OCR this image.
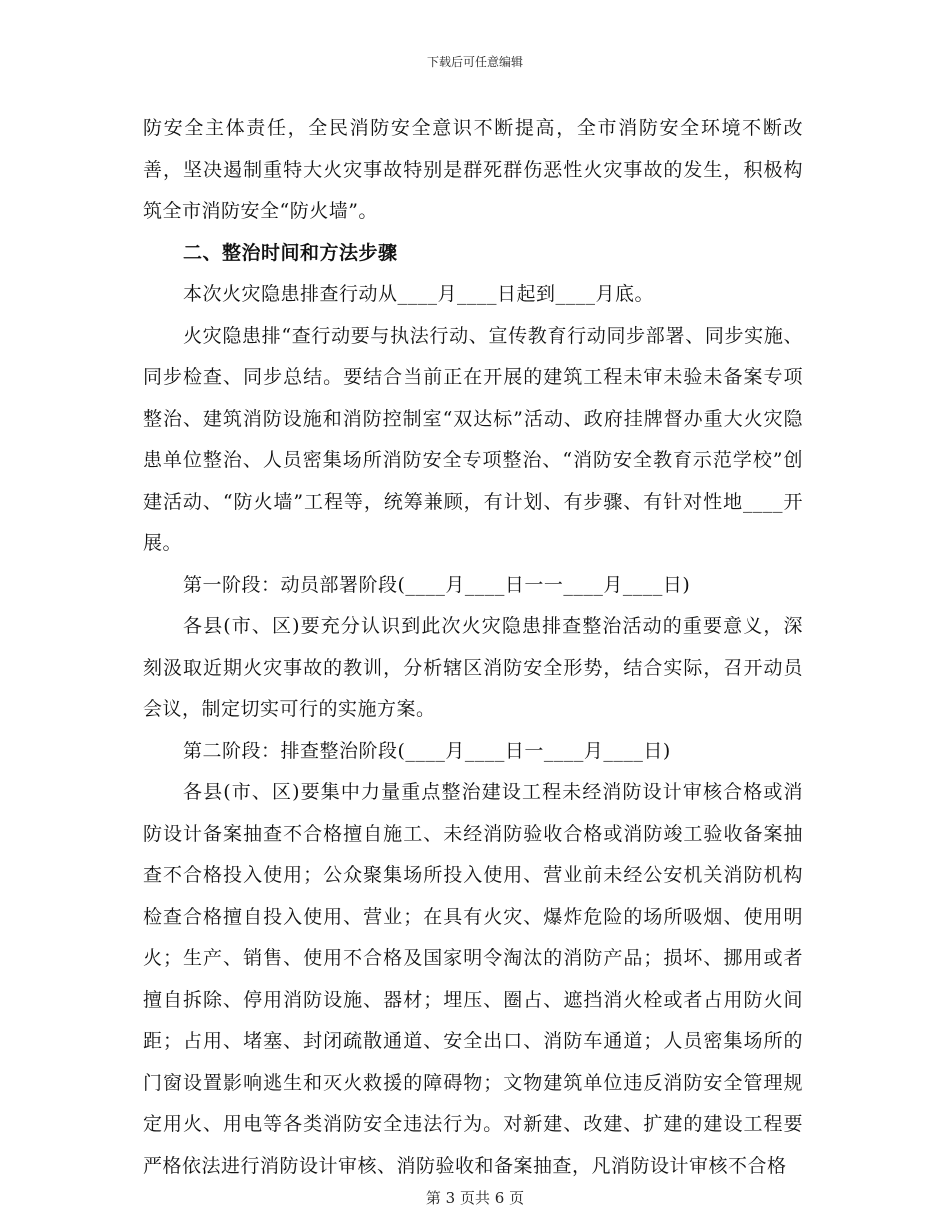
下载后可任意编辑

防安全主体责任，全民消防安全意识不断提高，全市消防安全环境不断改善，坚决遏制重特大火灾事故特别是群死群伤恶性火灾事故的发生，积极构筑全市消防安全“防火墙”。

二、整治时间和方法步骤

本次火灾隐患排查行动从____月____日起到____月底。

火灾隐患排“查行动要与执法行动、宣传教育行动同步部署、同步实施、同步检查、同步总结。要结合当前正在开展的建筑工程未审未验未备案专项整治、建筑消防设施和消防控制室“双达标”活动、政府挂牌督办重大火灾隐患单位整治、人员密集场所消防安全专项整治、“消防安全教育示范学校”创建活动、“防火墙”工程等，统筹兼顾，有计划、有步骤、有针对性地____开展。

第一阶段：动员部署阶段(____月____日一一____月____日)

各县(市、区)要充分认识到此次火灾隐患排查整治活动的重要意义，深刻汲取近期火灾事故的教训，分析辖区消防安全形势，结合实际，召开动员会议，制定切实可行的实施方案。

第二阶段：排查整治阶段(____月____日一____月____日)

各县(市、区)要集中力量重点整治建设工程未经消防设计审核合格或消防设计备案抽查不合格擅自施工、未经消防验收合格或消防竣工验收备案抽查不合格投入使用；公众聚集场所投入使用、营业前未经公安机关消防机构检查合格擅自投入使用、营业；在具有火灾、爆炸危险的场所吸烟、使用明火；生产、销售、使用不合格及国家明令淘汰的消防产品；损坏、挪用或者擅自拆除、停用消防设施、器材；埋压、圈占、遮挡消火栓或者占用防火间距；占用、堵塞、封闭疏散通道、安全出口、消防车通道；人员密集场所的门窗设置影响逃生和灭火救援的障碍物；文物建筑单位违反消防安全管理规定用火、用电等各类消防安全违法行为。对新建、改建、扩建的建设工程要严格依法进行消防设计审核、消防验收和备案抽查，凡消防设计审核不合格

第 3 页共 6 页
